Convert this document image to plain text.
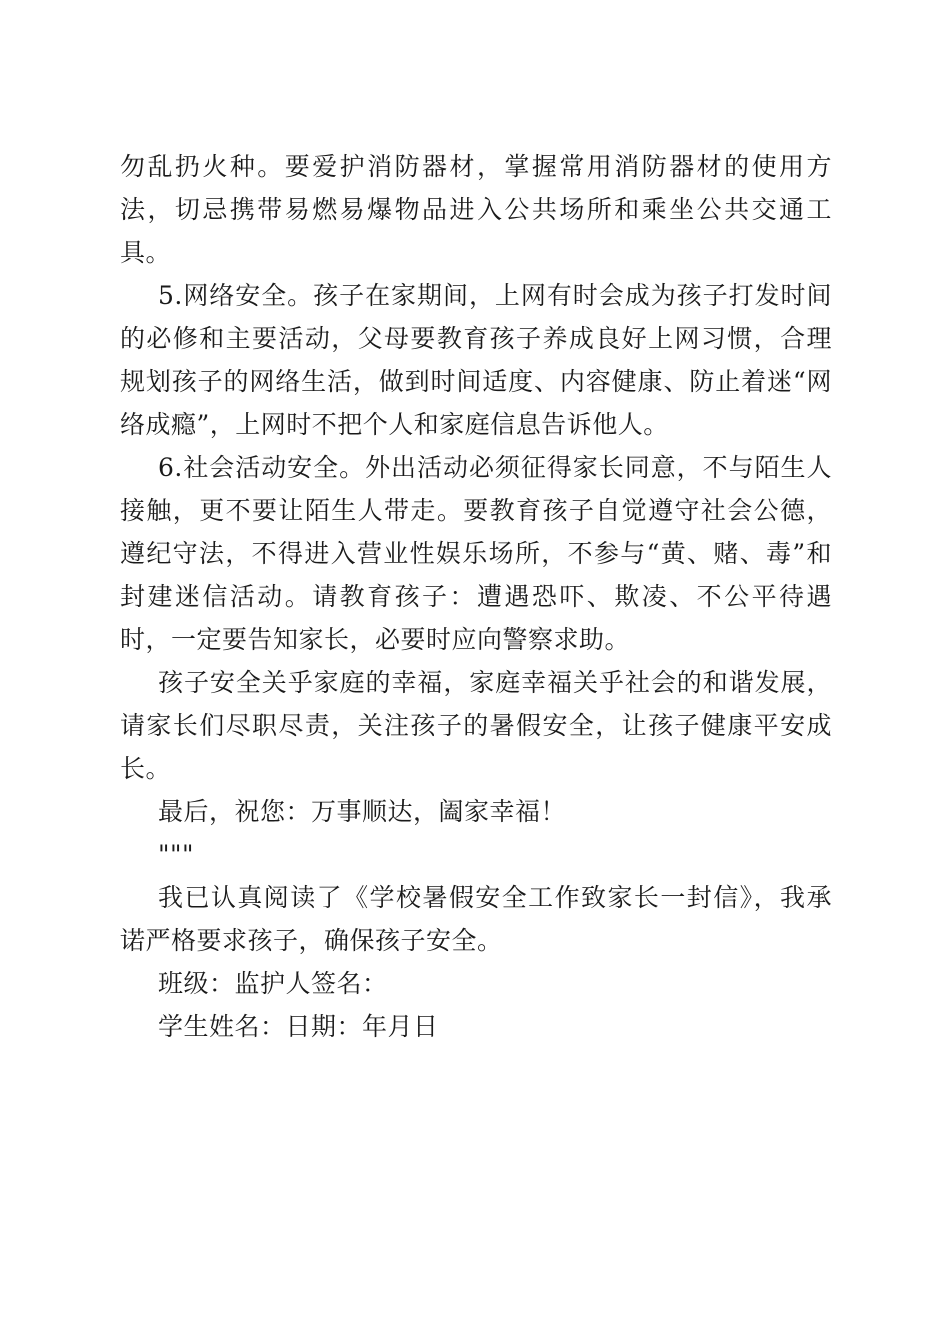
勿乱扔火种。要爱护消防器材，掌握常用消防器材的使用方法，切忌携带易燃易爆物品进入公共场所和乘坐公共交通工具。

5.网络安全。孩子在家期间，上网有时会成为孩子打发时间的必修和主要活动，父母要教育孩子养成良好上网习惯，合理规划孩子的网络生活，做到时间适度、内容健康、防止着迷“网络成瘾”，上网时不把个人和家庭信息告诉他人。

6.社会活动安全。外出活动必须征得家长同意，不与陌生人接触，更不要让陌生人带走。要教育孩子自觉遵守社会公德，遵纪守法，不得进入营业性娱乐场所，不参与“黄、赌、毒”和封建迷信活动。请教育孩子：遭遇恐吓、欺凌、不公平待遇时，一定要告知家长，必要时应向警察求助。

孩子安全关乎家庭的幸福，家庭幸福关乎社会的和谐发展，请家长们尽职尽责，关注孩子的暑假安全，让孩子健康平安成长。

最后，祝您：万事顺达，阖家幸福！

"""

我已认真阅读了《学校暑假安全工作致家长一封信》，我承诺严格要求孩子，确保孩子安全。

班级：监护人签名：

学生姓名：日期：年月日
